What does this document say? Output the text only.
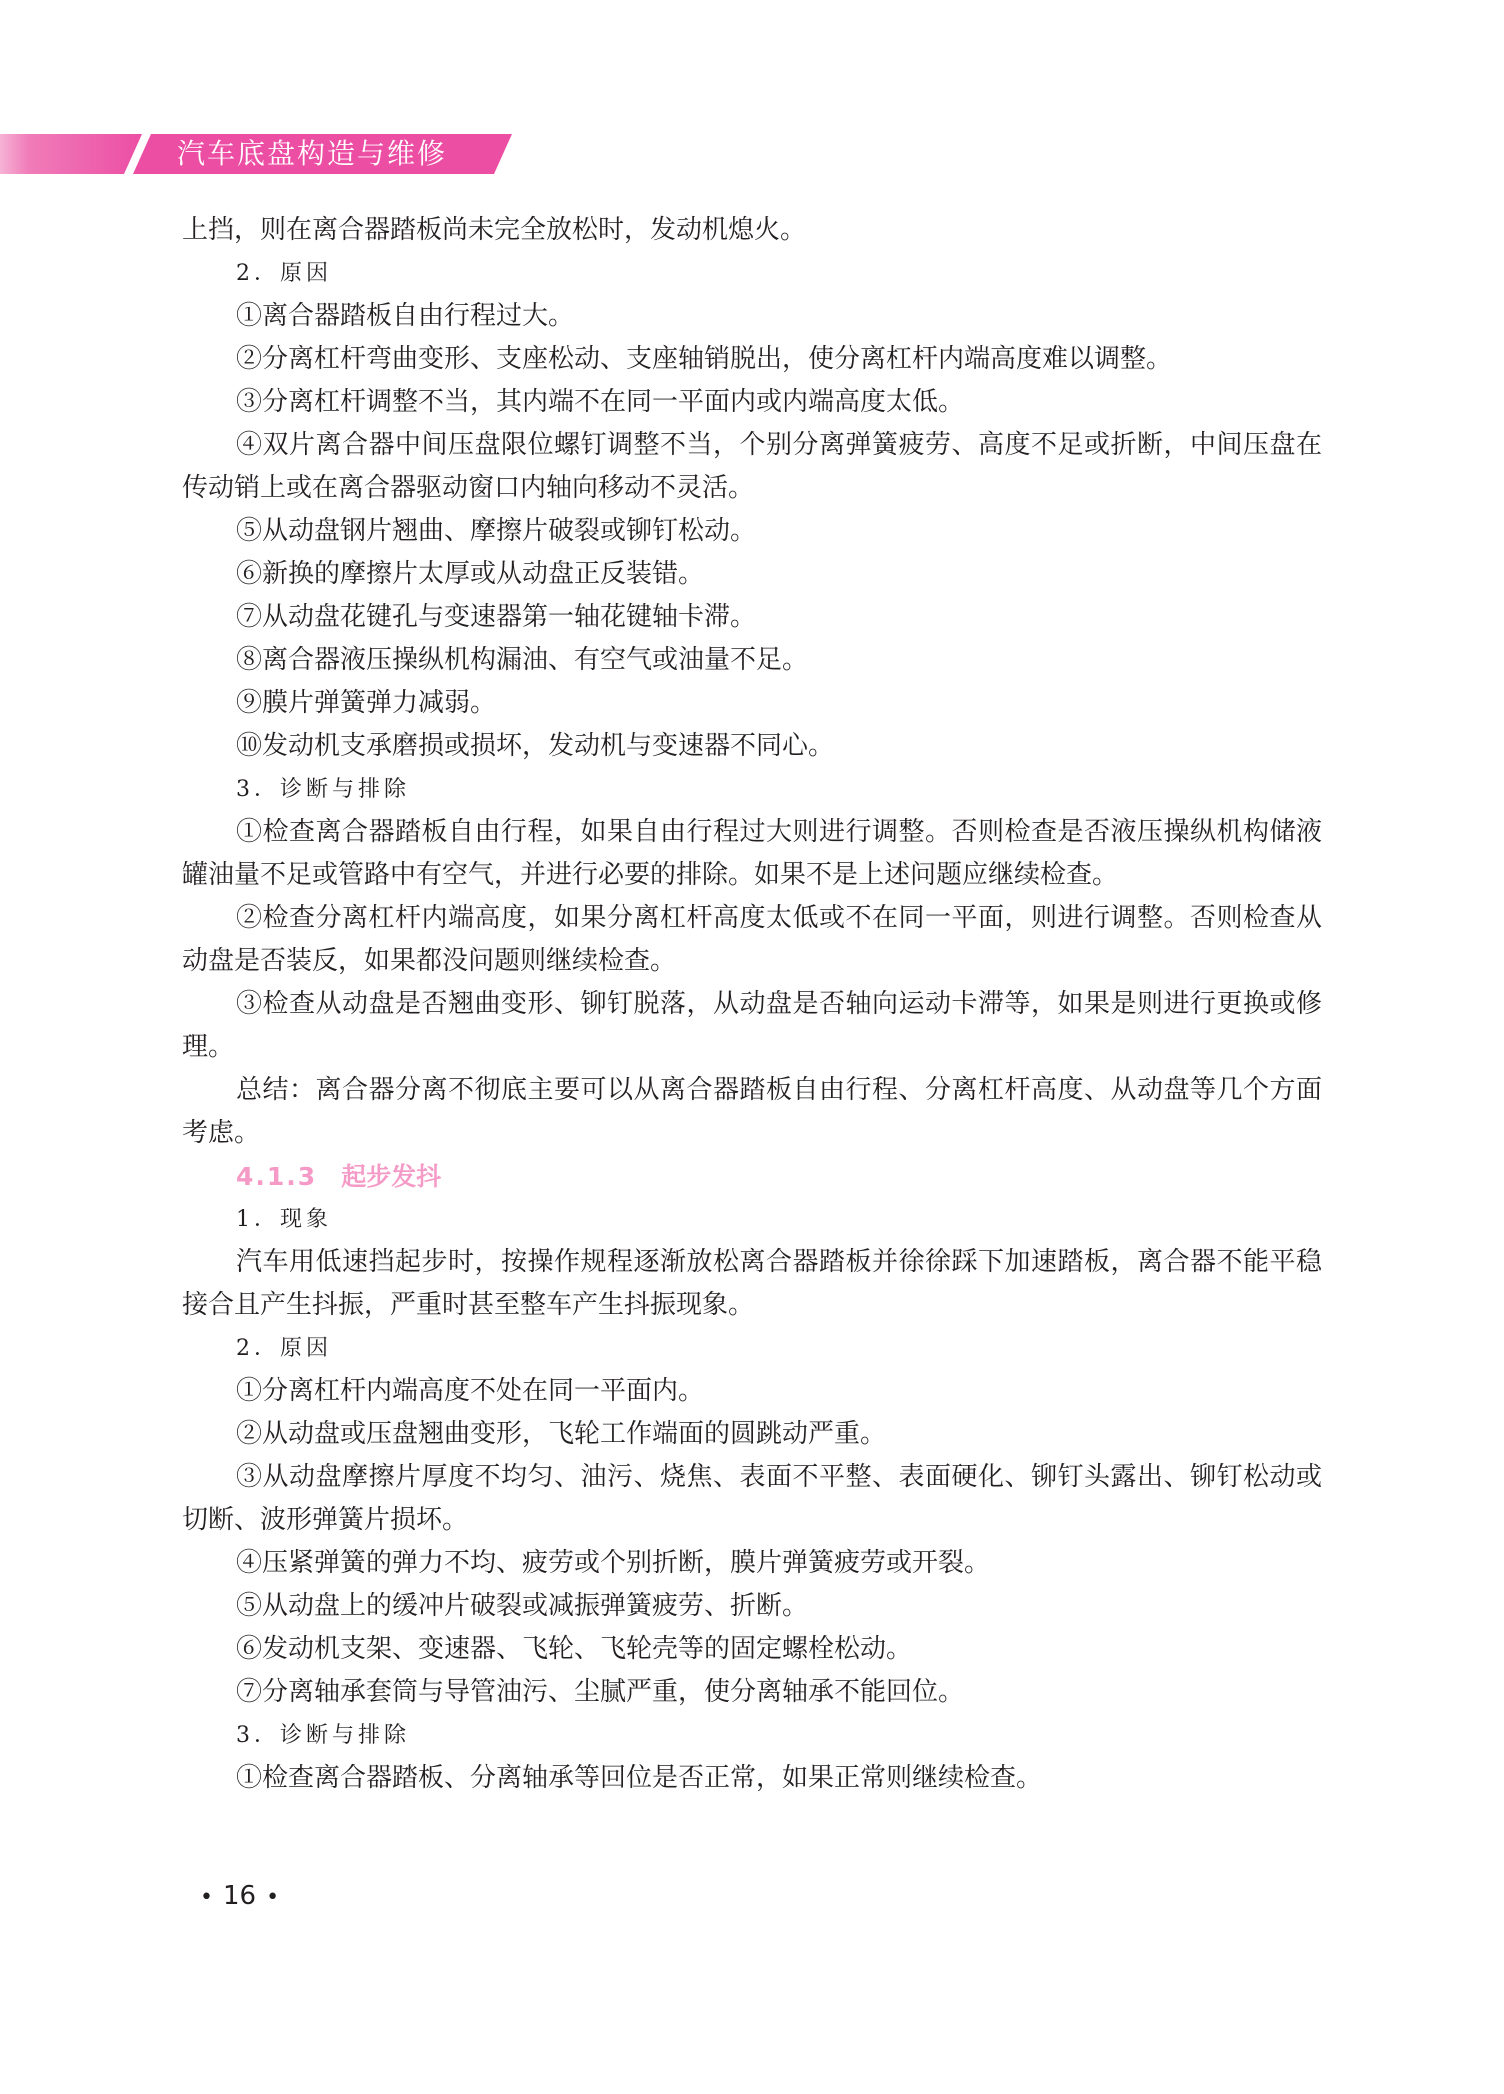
汽车底盘构造与维修

上挡，则在离合器踏板尚未完全放松时，发动机熄火。

2．原因

①离合器踏板自由行程过大。

②分离杠杆弯曲变形、支座松动、支座轴销脱出，使分离杠杆内端高度难以调整。

③分离杠杆调整不当，其内端不在同一平面内或内端高度太低。

④双片离合器中间压盘限位螺钉调整不当，个别分离弹簧疲劳、高度不足或折断，中间压盘在传动销上或在离合器驱动窗口内轴向移动不灵活。

⑤从动盘钢片翘曲、摩擦片破裂或铆钉松动。

⑥新换的摩擦片太厚或从动盘正反装错。

⑦从动盘花键孔与变速器第一轴花键轴卡滞。

⑧离合器液压操纵机构漏油、有空气或油量不足。

⑨膜片弹簧弹力减弱。

⑩发动机支承磨损或损坏，发动机与变速器不同心。

3．诊断与排除

①检查离合器踏板自由行程，如果自由行程过大则进行调整。否则检查是否液压操纵机构储液罐油量不足或管路中有空气，并进行必要的排除。如果不是上述问题应继续检查。

②检查分离杠杆内端高度，如果分离杠杆高度太低或不在同一平面，则进行调整。否则检查从动盘是否装反，如果都没问题则继续检查。

③检查从动盘是否翘曲变形、铆钉脱落，从动盘是否轴向运动卡滞等，如果是则进行更换或修理。

总结：离合器分离不彻底主要可以从离合器踏板自由行程、分离杠杆高度、从动盘等几个方面考虑。

4.1.3 起步发抖

1．现象

汽车用低速挡起步时，按操作规程逐渐放松离合器踏板并徐徐踩下加速踏板，离合器不能平稳接合且产生抖振，严重时甚至整车产生抖振现象。

2．原因

①分离杠杆内端高度不处在同一平面内。

②从动盘或压盘翘曲变形，飞轮工作端面的圆跳动严重。

③从动盘摩擦片厚度不均匀、油污、烧焦、表面不平整、表面硬化、铆钉头露出、铆钉松动或切断、波形弹簧片损坏。

④压紧弹簧的弹力不均、疲劳或个别折断，膜片弹簧疲劳或开裂。

⑤从动盘上的缓冲片破裂或减振弹簧疲劳、折断。

⑥发动机支架、变速器、飞轮、飞轮壳等的固定螺栓松动。

⑦分离轴承套筒与导管油污、尘腻严重，使分离轴承不能回位。

3．诊断与排除

①检查离合器踏板、分离轴承等回位是否正常，如果正常则继续检查。

• 16 •
